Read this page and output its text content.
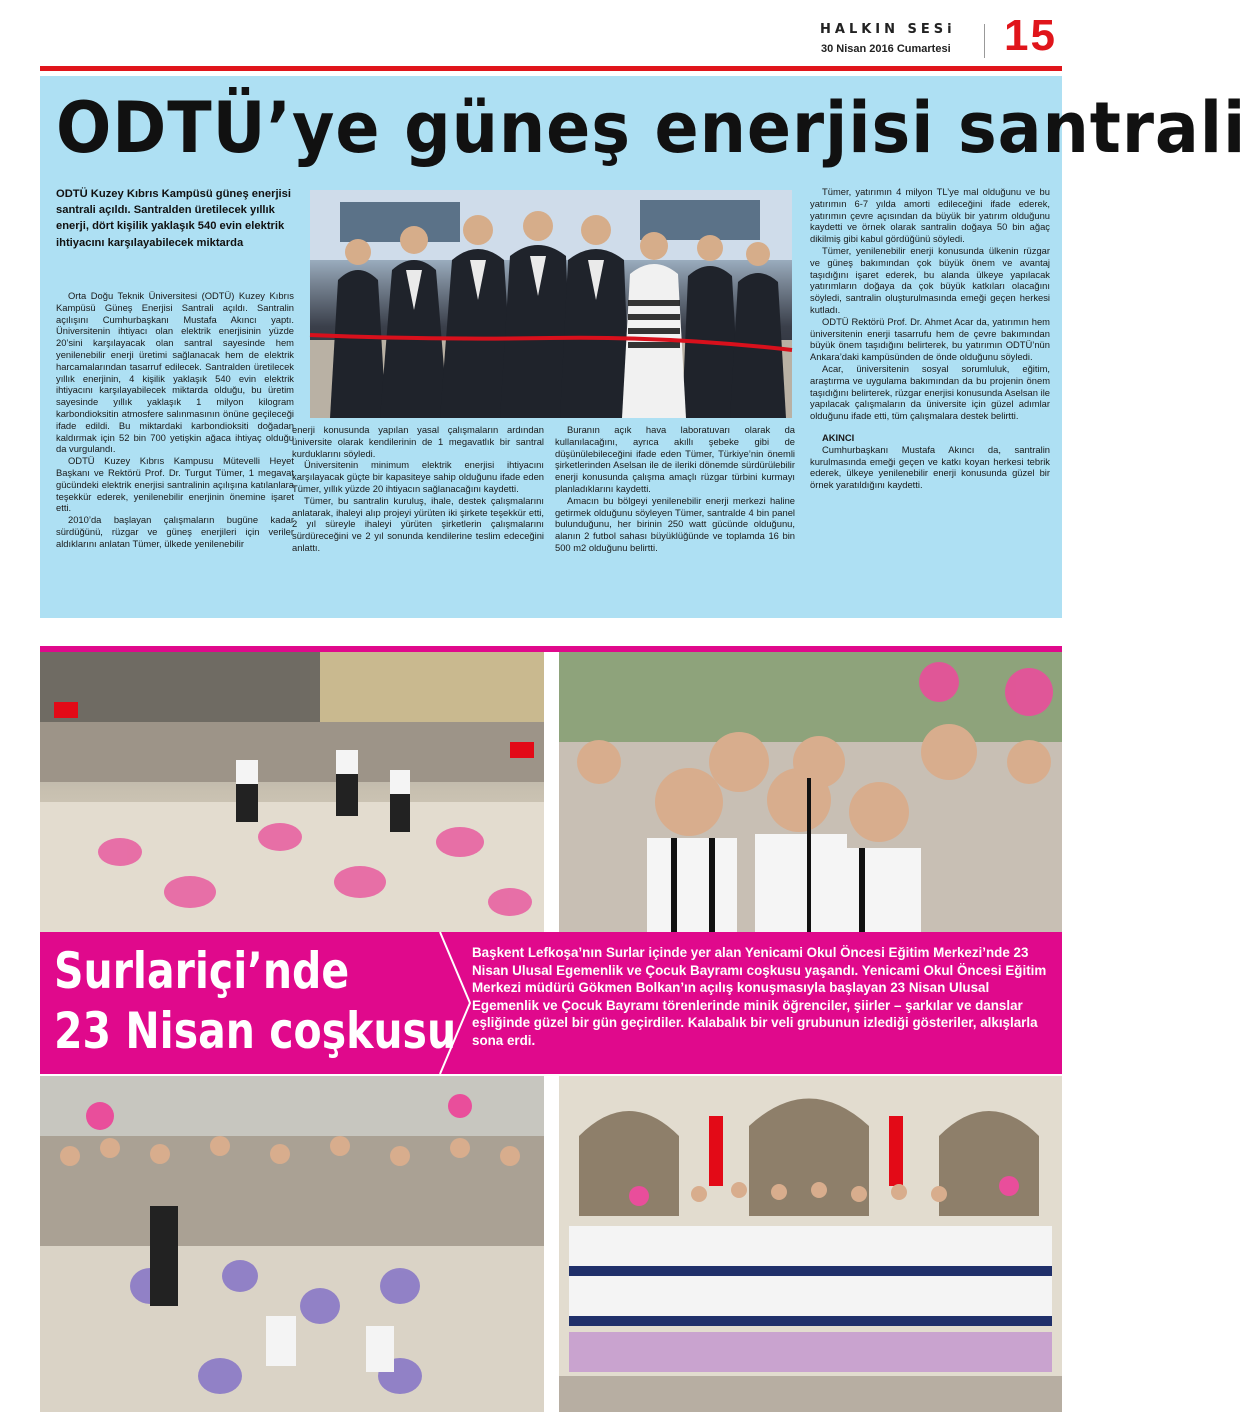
HALKIN SESi
30 Nisan 2016 Cumartesi 15
ODTÜ’ye güneş enerjisi santrali
ODTÜ Kuzey Kıbrıs Kampüsü güneş enerjisi santrali açıldı. Santralden üretilecek yıllık enerji, dört kişilik yaklaşık 540 evin elektrik ihtiyacını karşılayabilecek miktarda

Orta Doğu Teknik Üniversitesi (ODTÜ) Kuzey Kıbrıs Kampüsü Güneş Enerjisi Santrali açıldı. Santralin açılışını Cumhurbaşkanı Mustafa Akıncı yaptı. Üniversitenin ihtiyacı olan elektrik enerjisinin yüzde 20’sini karşılayacak olan santral sayesinde hem yenilenebilir enerji üretimi sağlanacak hem de elektrik harcamalarından tasarruf edilecek. Santralden üretilecek yıllık enerjinin, 4 kişilik yaklaşık 540 evin elektrik ihtiyacını karşılayabilecek miktarda olduğu, bu üretim sayesinde yıllık yaklaşık 1 milyon kilogram karbondioksitin atmosfere salınmasının önüne geçileceği ifade edildi. Bu miktardaki karbondioksiti doğadan kaldırmak için 52 bin 700 yetişkin ağaca ihtiyaç olduğu da vurgulandı.

ODTÜ Kuzey Kıbrıs Kampusu Mütevelli Heyet Başkanı ve Rektörü Prof. Dr. Turgut Tümer, 1 megavat gücündeki elektrik enerjisi santralinin açılışına katılanlara teşekkür ederek, yenilenebilir enerjinin önemine işaret etti.

2010’da başlayan çalışmaların bugüne kadar sürdüğünü, rüzgar ve güneş enerjileri için veriler aldıklarını anlatan Tümer, ülkede yenilenebilir

enerji konusunda yapılan yasal çalışmaların ardından üniversite olarak kendilerinin de 1 megavatlık bir santral kurduklarını söyledi.

Üniversitenin minimum elektrik enerjisi ihtiyacını karşılayacak güçte bir kapasiteye sahip olduğunu ifade eden Tümer, yıllık yüzde 20 ihtiyacın sağlanacağını kaydetti.

Tümer, bu santralin kuruluş, ihale, destek çalışmalarını anlatarak, ihaleyi alıp projeyi yürüten iki şirkete teşekkür etti, 2 yıl süreyle ihaleyi yürüten şirketlerin çalışmalarını sürdüreceğini ve 2 yıl sonunda kendilerine teslim edeceğini anlattı.

Buranın açık hava laboratuvarı olarak da kullanılacağını, ayrıca akıllı şebeke gibi de düşünülebileceğini ifade eden Tümer, Türkiye’nin önemli şirketlerinden Aselsan ile de ileriki dönemde sürdürülebilir enerji konusunda çalışma amaçlı rüzgar türbini kurmayı planladıklarını kaydetti.

Amacın bu bölgeyi yenilenebilir enerji merkezi haline getirmek olduğunu söyleyen Tümer, santralde 4 bin panel bulunduğunu, her birinin 250 watt gücünde olduğunu, alanın 2 futbol sahası büyüklüğünde ve toplamda 16 bin 500 m2 olduğunu belirtti.

Tümer, yatırımın 4 milyon TL’ye mal olduğunu ve bu yatırımın 6-7 yılda amorti edileceğini ifade ederek, yatırımın çevre açısından da büyük bir yatırım olduğunu kaydetti ve örnek olarak santralin doğaya 50 bin ağaç dikilmiş gibi kabul gördüğünü söyledi.

Tümer, yenilenebilir enerji konusunda ülkenin rüzgar ve güneş bakımından çok büyük önem ve avantaj taşıdığını işaret ederek, bu alanda ülkeye yapılacak yatırımların doğaya da çok büyük katkıları olacağını söyledi, santralin oluşturulmasında emeği geçen herkesi kutladı.

ODTÜ Rektörü Prof. Dr. Ahmet Acar da, yatırımın hem üniversitenin enerji tasarrufu hem de çevre bakımından büyük önem taşıdığını belirterek, bu yatırımın ODTÜ’nün Ankara’daki kampüsünden de önde olduğunu söyledi.

Acar, üniversitenin sosyal sorumluluk, eğitim, araştırma ve uygulama bakımından da bu projenin önem taşıdığını belirterek, rüzgar enerjisi konusunda Aselsan ile yapılacak çalışmaların da üniversite için güzel adımlar olduğunu ifade etti, tüm çalışmalara destek belirtti.

AKINCI

Cumhurbaşkanı Mustafa Akıncı da, santralin kurulmasında emeği geçen ve katkı koyan herkesi tebrik ederek, ülkeye yenilenebilir enerji konusunda güzel bir örnek yaratıldığını kaydetti.

Surlariçi’nde
23 Nisan coşkusu
Başkent Lefkoşa’nın Surlar içinde yer alan Yenicami Okul Öncesi Eğitim Merkezi’nde 23 Nisan Ulusal Egemenlik ve Çocuk Bayramı coşkusu yaşandı. Yenicami Okul Öncesi Eğitim Merkezi müdürü Gökmen Bolkan’ın açılış konuşmasıyla başlayan 23 Nisan Ulusal Egemenlik ve Çocuk Bayramı törenlerinde minik öğrenciler, şiirler – şarkılar ve danslar eşliğinde güzel bir gün geçirdiler. Kalabalık bir veli grubunun izlediği gösteriler, alkışlarla sona erdi.
